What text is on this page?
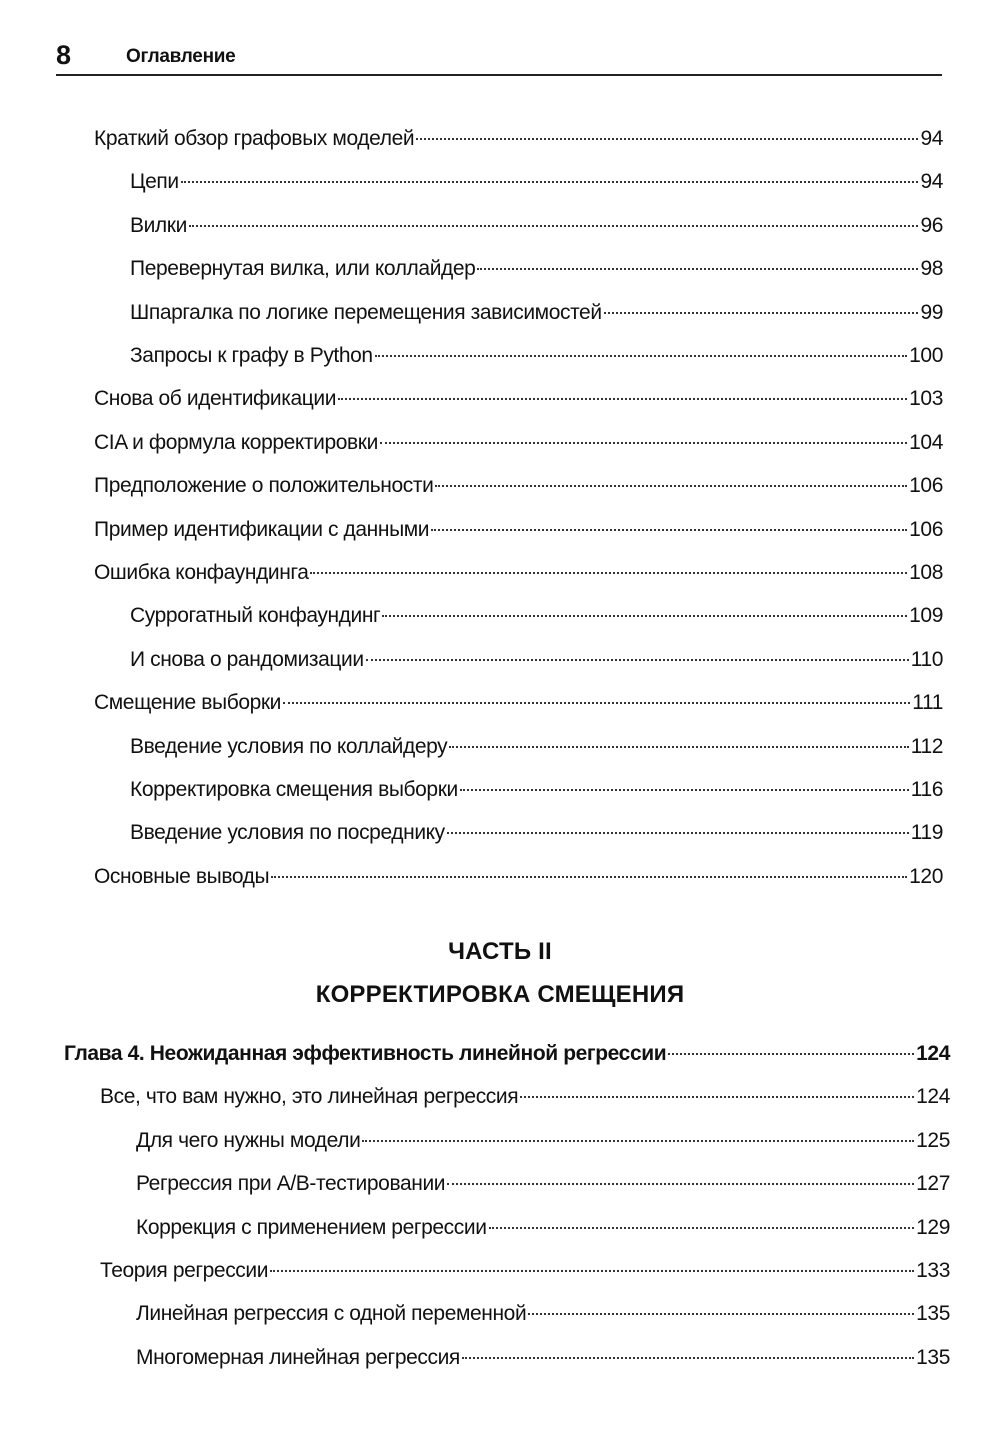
8	Оглавление
Краткий обзор графовых моделей	94
Цепи	94
Вилки	96
Перевернутая вилка, или коллайдер	98
Шпаргалка по логике перемещения зависимостей	99
Запросы к графу в Python	100
Снова об идентификации	103
CIA и формула корректировки	104
Предположение о положительности	106
Пример идентификации с данными	106
Ошибка конфаундинга	108
Суррогатный конфаундинг	109
И снова о рандомизации	110
Смещение выборки	111
Введение условия по коллайдеру	112
Корректировка смещения выборки	116
Введение условия по посреднику	119
Основные выводы	120
ЧАСТЬ II
КОРРЕКТИРОВКА СМЕЩЕНИЯ
Глава 4. Неожиданная эффективность линейной регрессии	124
Все, что вам нужно, это линейная регрессия	124
Для чего нужны модели	125
Регрессия при A/B-тестировании	127
Коррекция с применением регрессии	129
Теория регрессии	133
Линейная регрессия с одной переменной	135
Многомерная линейная регрессия	135
